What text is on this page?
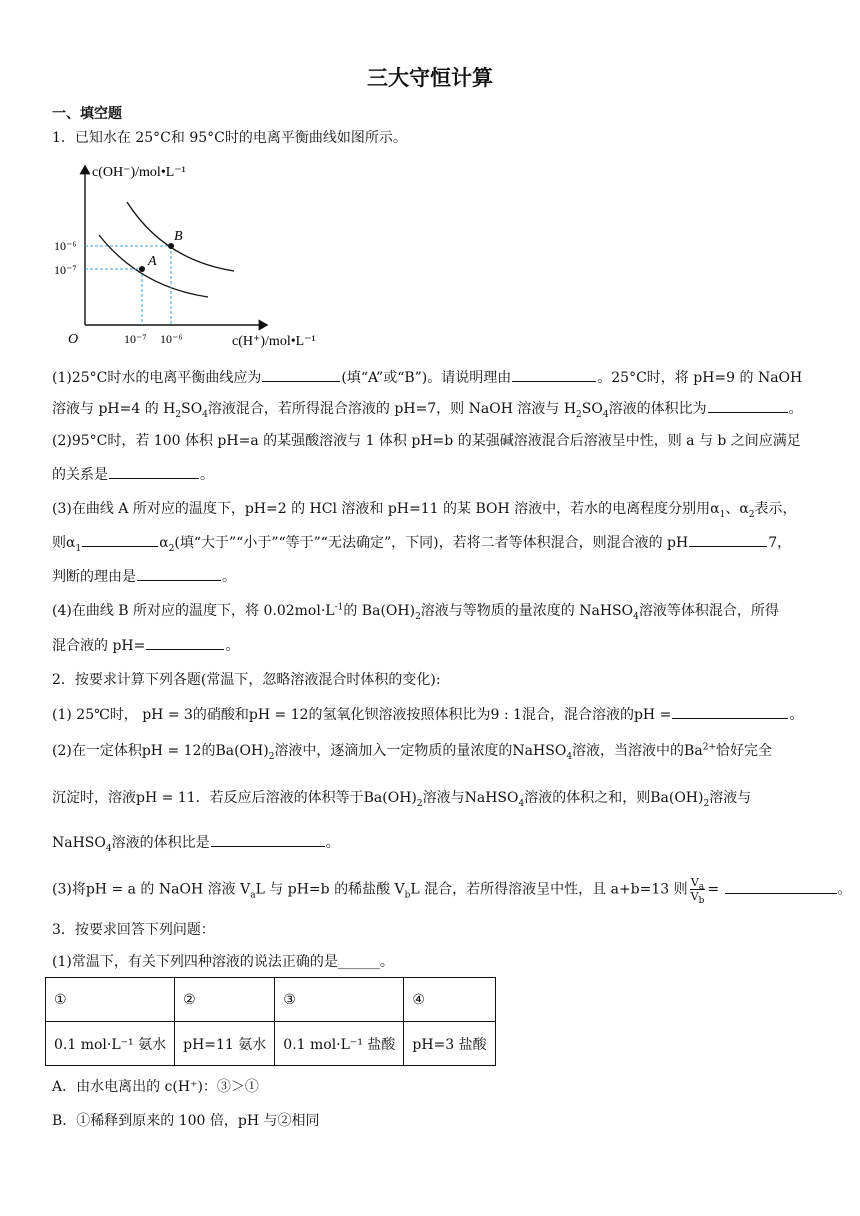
三大守恒计算
一、填空题
1．已知水在 25°C和 95°C时的电离平衡曲线如图所示。
A
B
c(OH⁻)/mol•L⁻¹
c(H⁺)/mol•L⁻¹
O
10⁻⁶
10⁻⁷
10⁻⁷ 10⁻⁶
(1)25°C时水的电离平衡曲线应为	(填“A”或“B”)。请说明理由	。25°C时，将 pH=9 的 NaOH
溶液与 pH=4 的 $H_2SO_4$溶液混合，若所得混合溶液的 pH=7，则 NaOH 溶液与 $H_2SO_4$溶液的体积比为	。
(2)95°C时，若 100 体积 pH=a 的某强酸溶液与 1 体积 pH=b 的某强碱溶液混合后溶液呈中性，则 a 与 b 之间应满足
的关系是	。
(3)在曲线 A 所对应的温度下，pH=2 的 HCl 溶液和 pH=11 的某 BOH 溶液中，若水的电离程度分别用$\alpha_1$、$\alpha_2$表示，
则$\alpha_1$	$\alpha_2$(填“大于”“小于”“等于”“无法确定”，下同)，若将二者等体积混合，则混合液的 pH	7，
判断的理由是	。
(4)在曲线 B 所对应的温度下，将 $0.02mol\cdot L^{-1}$的 $Ba(OH)_2$溶液与等物质的量浓度的 NaHSO$_4$溶液等体积混合，所得
混合液的 pH=	。
2．按要求计算下列各题(常温下，忽略溶液混合时体积的变化):
(1) 25℃时， pH = 3的硝酸和pH = 12的氢氧化钡溶液按照体积比为9 : 1混合，混合溶液的pH =	。
(2)在一定体积pH = 12的$Ba(OH)_2$溶液中，逐滴加入一定物质的量浓度的NaHSO$_4$溶液，当溶液中的$Ba^{2+}$恰好完全
沉淀时，溶液pH = 11．若反应后溶液的体积等于$Ba(OH)_2$溶液与NaHSO$_4$溶液的体积之和，则$Ba(OH)_2$溶液与
NaHSO$_4$溶液的体积比是	。
(3)将pH = a 的 NaOH 溶液 $V_aL$ 与 pH=b 的稀盐酸 $V_bL$ 混合，若所得溶液呈中性，且 a+b=13 则 $\frac{V_a}{V_b}$ =	。
3．按要求回答下列问题：
(1)常温下，有关下列四种溶液的说法正确的是______。
①	②	③	④
0.1 mol·L⁻¹ 氨水	pH=11 氨水	0.1 mol·L⁻¹ 盐酸	pH=3 盐酸
A．由水电离出的 c(H⁺)：③＞①
B．①稀释到原来的 100 倍，pH 与②相同
